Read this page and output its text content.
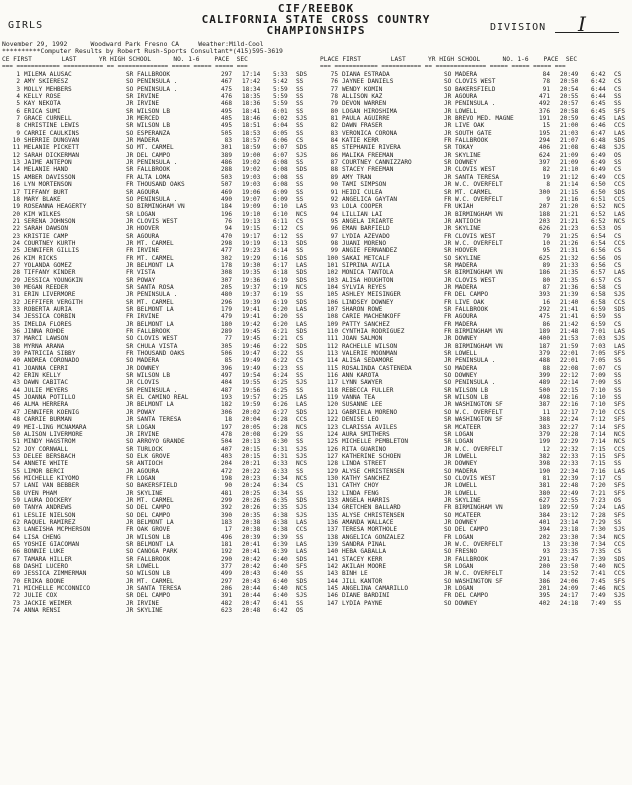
GIRLS
CIF/REEBOK
CALIFORNIA STATE CROSS COUNTRY
CHAMPIONSHIPS	DIVISION I
November 29, 1992      Woodward Park Fresno CA     Weather:Mild-Cool
**********Computer Results by Robert Rush-Sports Consultant*(415)595-3619
CE FIRST        LAST      YR HIGH SCHOOL      NO. 1-6    PACE  SEC	PLACE FIRST        LAST      YR HIGH SCHOOL      NO. 1-6    PACE  SEC
=== ============ =========== == ============== ===== ===== ===== ===	=== ============ =========== == ============== ===== ===== ===== ===
1 MILEMA ALUSAC	SR FALLBROOK	297 17:14	5:33	SDS
2 AMY SKIERESZ	SO PENINSULA .	467 17:42	5:42	SS
3 MOLLY MEHBERS	SO PENINSULA .	475 18:34	5:59	SS
4 KELLY ROSE	SR IRVINE	476 18:35	5:59	SS
5 KAY NEKOTA	JR IRVINE	468 18:36	5:59	SS
6 ERICA SUMI	SR WILSON LB	495 18:41	6:01	SS
7 GRACE CURNELL	JR MERCED	405 18:46	6:02	SJS
8 CHRISTINE LEWIS	SR WILSON LB	495 18:51	6:04	SS
9 CARRIE CAULKINS	SO ESPERANZA	505 18:53	6:05	SS
10 SHERRIE DUNGVAN	JR MADERA	83 18:57	6:06	CS
11 MELANIE PICKETT	SO MT. CARMEL	301 18:59	6:07	SDS
12 SARAH DICKERMAN	JR DEL CAMPO	389 19:00	6:07	SJS
13 JAIME ANTEPON	JR PENINSULA .	486 19:02	6:08	SS
14 MELANIE HAND	SR FALLBROOK	288 19:02	6:08	SDS
15 AMBER DAVISSON	FR ALTA LOMA	503 19:03	6:08	SS
16 LYN MORTENSON	FR THOUSAND OAKS	507 19:03	6:08	SS
17 TIFFANY BURT	SR AGOURA	469 19:06	6:09	SS
18 MARY BLAKE	SO PENINSULA .	490 19:07	6:09	SS
19 ROSEANNA HEAGERTY	SO BIRMINGHAM VN	184 19:09	6:10	LAS
20 KIM WILKES	SR LOGAN	196 19:10	6:10	NCS
21 SERENA JOHNSON	JR CLOVIS WEST	76 19:13	6:11	CS
22 SARAH DAWSON	JR HOOVER	94 19:15	6:12	CS
23 KRISTIE CAMP	SR AGOURA	470 19:17	6:12	SS
24 COURTNEY KURTH	JR MT. CARMEL	298 19:19	6:13	SDS
25 JENNIFER GILLIS	FR IRVINE	477 19:23	6:14	SS
26 KIM RICKS	FR MT. CARMEL	302 19:29	6:16	SDS
27 YOLANDA GOMEZ	JR BELMONT LA	178 19:30	6:17	LAS
28 TIFFANY KINDER	FR VISTA	308 19:35	6:18	SDS
29 JESSICA YOUNGKIN	SR POWAY	307 19:36	6:19	SDS
30 MEGAN REEDER	SR SANTA ROSA	205 19:37	6:19	NCS
31 ERIN LIVERMORE	JR PENINSULA .	480 19:37	6:19	SS
32 JEFFIFER VERGITH	SR MT. CARMEL	296 19:39	6:19	SDS
33 ROBERTA AURIA	SR BELMONT LA	179 19:41	6:20	LAS
34 JESSICA CORBIN	FR IRVINE	479 19:41	6:20	SS
35 IMELDA FLORES	JR BELMONT LA	180 19:42	6:20	LAS
36 JINNA ROHDE	FR FALLBROOK	289 19:45	6:21	SDS
37 MARCI LAWSON	SO CLOVIS WEST	77 19:45	6:21	CS
38 MYRNA ARANA	SR CHULA VISTA	305 19:46	6:22	SDS
39 PATRICIA SIBBY	FR THOUSAND OAKS	506 19:47	6:22	SS
40 ANDREA CORONADO	SO MADERA	85 19:49	6:22	CS
41 JOANNA CERRI	JR DOWNEY	396 19:49	6:23	SS
42 ERIN KELLY	SR WILSON LB	497 19:54	6:24	SS
43 DAWN CABITAC	JR CLOVIS	404 19:55	6:25	SJS
44 JULIE MEYERS	SR PENINSULA .	487 19:56	6:25	SS
45 JOANNA POTILLO	SR EL CAMINO REAL	193 19:57	6:25	LAS
46 ALMA HERRERA	JR BELMONT LA	182 19:59	6:26	LAS
47 JENNIFER KOENIG	JR POWAY	306 20:02	6:27	SDS
48 CARRIE BURMAN	JR SANTA TERESA	18 20:04	6:28	CCS
49 MEI-LING MCNAMARA	SR LOGAN	197 20:05	6:28	NCS
50 ALISON LIVERMORE	JR IRVINE	478 20:08	6:29	SS
51 MINDY HAGSTROM	SO ARROYO GRANDE	504 20:13	6:30	SS
52 JOY CORNWALL	SR TURLOCK	407 20:15	6:31	SJS
53 DELEE BERSBACH	SO ELK GROVE	403 20:15	6:31	SJS
54 ANNETE WHITE	SR ANTIOCH	204 20:21	6:33	NCS
55 LIMOR BERCI	JR AGOURA	472 20:22	6:33	SS
56 MICHELLE KIYOMO	FR LOGAN	198 20:23	6:34	NCS
57 LANI VAN BEBBER	SO BAKERSFIELD	90 20:24	6:34	CS
58 UYEN PHAM	JR SKYLINE	481 20:25	6:34	SS
59 LAURA DOCKERY	JR MT. CARMEL	299 20:26	6:35	SDS
60 TANYA ANDREWS	SO DEL CAMPO	392 20:26	6:35	SJS
61 LESLIE NIELSON	SO DEL CAMPO	390 20:35	6:38	SJS
62 RAQUEL RAMIREZ	JR BELMONT LA	183 20:38	6:38	LAS
63 LANEISHA MCPHERSON	FR OAK GROVE	17 20:38	6:38	CCS
64 LISA CHENG	JR WILSON LB	496 20:39	6:39	SS
65 YOSHIE GIACOMAN	SR BELMONT LA	181 20:41	6:39	LAS
66 BONNIE LUKE	SO CANOGA PARK	192 20:41	6:39	LAS
67 TAMARA HILLER	SR FALLBROOK	290 20:42	6:40	SDS
68 DASHI LUCERO	SR LOWELL	377 20:42	6:40	SFS
69 JESSICA ZIMMERMAN	SO WILSON LB	499 20:43	6:40	SS
70 ERIKA BOONE	JR MT. CARMEL	297 20:43	6:40	SDS
71 MICHELLE MCCONNICO	JR SANTA TERESA	206 20:44	6:40	NCS
72 JULIE COX	SR DEL CAMPO	391 20:44	6:40	SJS
73 JACKIE WEIMER	JR IRVINE	482 20:47	6:41	SS
74 ANNA RENSI	JR SKYLINE	623 20:48	6:42	OS
75 DIANA ESTRADA	SO MADERA	84 20:49	6:42	CS
76 JAYNEE DANIELS	SO CLOVIS WEST	78 20:50	6:42	CS
77 WENDY KOMIN	SO BAKERSFIELD	91 20:54	6:44	CS
78 ALLISON KAZ	JR AGOURA	471 20:55	6:44	SS
79 DEVON WARREN	JR PENINSULA .	492 20:57	6:45	SS
80 LOGAN HIROSHIMA	JR LOWELL	376 20:58	6:45	SFS
81 PAULA AGUIRRE	JR BREVO MED. MAGNE	191 20:59	6:45	LAS
82 DAWN FRASER	JR LIVE OAK	15 21:00	6:46	CCS
83 VERONICA CORONA	JR SOUTH GATE	195 21:03	6:47	LAS
84 KATIE KERR	FR FALLBROOK	294 21:07	6:48	SDS
85 STEPHANIE RIVERA	SR TOKAY	406 21:08	6:48	SJS
86 MALIKA FREEMAN	JR SKYLINE	624 21:09	6:49	OS
87 COURTNEY CANNIZZARO	SR DOWNEY	397 21:09	6:49	SS
88 STACEY FREEMAN	JR CLOVIS WEST	82 21:10	6:49	CS
89 AMY TRAN	JR SANTA TERESA	19 21:12	6:49	CCS
90 TAMI SIMPSON	JR W.C. OVERFELT	8 21:14	6:50	CCS
91 HEIDI CULEA	SR MT. CARMEL	300 21:15	6:50	SDS
92 ANGELICA GAYTAN	FR W.C. OVERFELT	9 21:16	6:51	CCS
93 LOLA COOPER	FR UKIAH	207 21:20	6:52	NCS
94 LILLIAN LAI	JR BIRMINGHAM VN	188 21:21	6:52	LAS
95 ANGELA IRIARTE	JR ANTIOCH	203 21:21	6:52	NCS
96 EMAN BARFIELD	JR SKYLINE	626 21:23	6:53	OS
97 LYDIA AZEVADO	FR CLOVIS WEST	79 21:25	6:54	CS
98 JUANI MORENO	JR W.C. OVERFELT	10 21:26	6:54	CCS
99 ANGIE FERNANDEZ	SR HOOVER	95 21:31	6:56	CS
100 SAKAI METCALF	SO SKYLINE	625 21:32	6:56	OS
101 SIPRINA AVILA	SR MADERA	89 21:33	6:56	CS
102 MONICA TANTOLA	SR BIRMINGHAM VN	186 21:35	6:57	LAS
103 ALISA HOUGHTON	JR CLOVIS WEST	80 21:35	6:57	CS
104 SYLVIA REYES	JR MADERA	87 21:36	6:58	CS
105 ASHLEY MEISINGER	FR DEL CAMPO	393 21:39	6:58	SJS
106 LINDSEY DOWNEY	FR LIVE OAK	16 21:40	6:58	CCS
107 SHARON ROWE	SR FALLBROOK	292 21:41	6:59	SDS
108 CARIE MACHENKOFF	FR AGOURA	475 21:41	6:59	SS
109 PATTY SANCHEZ	FR MADERA	86 21:42	6:59	CS
110 CYNTHIA RODRIGUEZ	FR BIRMINGHAM VN	189 21:48	7:01	LAS
111 JOAN SALMON	JR DOWNEY	400 21:53	7:03	SJS
112 RACHELLE WILSON	JR BIRMINGHAM VN	187 21:59	7:03	LAS
113 VALERIE MOONMAN	SR LOWELL	379 22:01	7:05	SFS
114 ALISA SEDAMORE	JR PENINSULA .	488 22:01	7:05	SS
115 ROSALINDA CASTENEDA	SO MADERA	88 22:08	7:07	CS
116 ANN KAROTA	SO DOWNEY	399 22:12	7:09	SS
117 LYNN SAWYER	SO PENINSULA .	489 22:14	7:09	SS
118 REBECCA FULLER	SR WILSON LB	500 22:15	7:10	SS
119 VANNA TEA	SR WILSON LB	498 22:16	7:10	SS
120 SUSANNE LEE	JR WASHINGTON SF	387 22:16	7:10	SFS
121 GABRIELA MORENO	SO W.C. OVERFELT	11 22:17	7:10	CCS
122 DENISE LEO	SR WASHINGTON SF	388 22:24	7:12	SFS
123 CLARISSA AVILES	SR MCATEER	383 22:27	7:14	SFS
124 AURA SMITHERS	SR LOGAN	379 22:28	7:14	NCS
125 MICHELLE PEMBLETON	SR LOGAN	199 22:29	7:14	NCS
126 RITA GUARINO	JR W.C. OVERFELT	12 22:32	7:15	CCS
127 KATHERINE SCHOEN	JR LOWELL	382 22:33	7:15	SFS
128 LINDA STREET	JR DOWNEY	398 22:33	7:15	SS
129 ALYSE CHRISTENSEN	SO MADERA	190 22:34	7:16	LAS
130 KATHY SANCHEZ	SO CLOVIS WEST	81 22:39	7:17	CS
131 CATHY CHOY	JR LOWELL	381 22:48	7:20	SFS
132 LINDA FENG	JR LOWELL	380 22:49	7:21	SFS
133 ANGELA HARRIS	JR SKYLINE	627 22:55	7:23	OS
134 GRETCHEN BALLARD	FR BIRMINGHAM VN	189 22:59	7:24	LAS
135 ALYSE CHRISTENSEN	SO MCATEER	384 23:12	7:28	SFS
136 AMANDA WALLACE	JR DOWNEY	401 23:14	7:29	SS
137 TERESA MORTHOLE	SO DEL CAMPO	394 23:18	7:30	SJS
138 ANGELICA GONZALEZ	FR LOGAN	202 23:30	7:34	NCS
139 SANDRA PINAL	JR W.C. OVERFELT	13 23:30	7:34	CCS
140 HEBA GABALLA	SO FRESNO	93 23:35	7:35	CS
141 STACEY KERR	JR FALLBROOK	291 23:47	7:39	SDS
142 AKILAH MOORE	SR LOGAN	200 23:50	7:40	NCS
143 BINH LE	JR W.C. OVERFELT	14 23:52	7:41	CCS
144 JILL KANTOR	SO WASHINGTON SF	386 24:06	7:45	SFS
145 ANGELINA CAMARILLO	JR LOGAN	201 24:09	7:46	NCS
146 DIANE BARDINI	FR DEL CAMPO	395 24:17	7:49	SJS
147 LYDIA PAYNE	SO DOWNEY	402 24:18	7:49	SS
